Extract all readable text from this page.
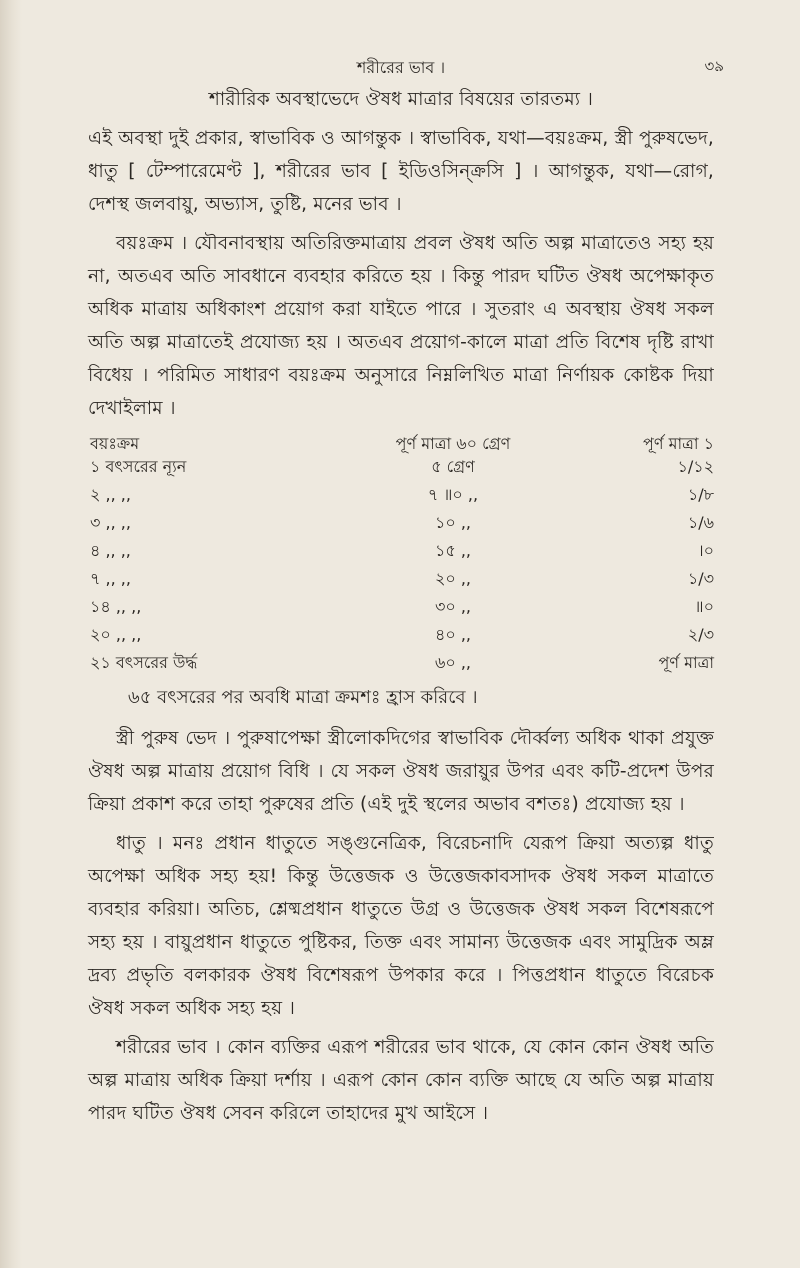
শরীরের ভাব ।	৩৯

শারীরিক অবস্থাভেদে ঔষধ মাত্রার বিষয়ের তারতম্য ।

এই অবস্থা দুই প্রকার, স্বাভাবিক ও আগন্তুক । স্বাভাবিক, যথা—বয়ঃক্রম, স্ত্রী পুরুষভেদ, ধাতু [ টেম্পারেমেণ্ট ], শরীরের ভাব [ ইডিওসিন্‌ক্রসি ] । আগন্তুক, যথা—রোগ, দেশস্থ জলবায়ু, অভ্যাস, তুষ্টি, মনের ভাব ।

বয়ঃক্রম । যৌবনাবস্থায় অতিরিক্তমাত্রায় প্রবল ঔষধ অতি অল্প মাত্রাতেও সহ্য হয় না, অতএব অতি সাবধানে ব্যবহার করিতে হয় । কিন্তু পারদ ঘটিত ঔষধ অপেক্ষাকৃত অধিক মাত্রায় অধিকাংশ প্রয়োগ করা যাইতে পারে । সুতরাং এ অবস্থায় ঔষধ সকল অতি অল্প মাত্রাতেই প্রযোজ্য হয় । অতএব প্রয়োগ-কালে মাত্রা প্রতি বিশেষ দৃষ্টি রাখা বিধেয় । পরিমিত সাধারণ বয়ঃক্রম অনুসারে নিম্নলিখিত মাত্রা নির্ণায়ক কোষ্টক দিয়া দেখাইলাম ।

বয়ঃক্রম	পূর্ণ মাত্রা ৬০ গ্রেণ	পূর্ণ মাত্রা ১
১ বৎসরের ন্যূন	৫ গ্রেণ	১/১২
২ ,, ,,	৭ ॥০ ,,	১/৮
৩ ,, ,,	১০ ,,	১/৬
৪ ,, ,,	১৫ ,,	।০
৭ ,, ,,	২০ ,,	১/৩
১৪ ,, ,,	৩০ ,,	॥০
২০ ,, ,,	৪০ ,,	২/৩
২১ বৎসরের উর্দ্ধ	৬০ ,,	পূর্ণ মাত্রা

৬৫ বৎসরের পর অবধি মাত্রা ক্রমশঃ হ্রাস করিবে ।

স্ত্রী পুরুষ ভেদ । পুরুষাপেক্ষা স্ত্রীলোকদিগের স্বাভাবিক দৌর্ব্বল্য অধিক থাকা প্রযুক্ত ঔষধ অল্প মাত্রায় প্রয়োগ বিধি । যে সকল ঔষধ জরায়ুর উপর এবং কটি-প্রদেশ উপর ক্রিয়া প্রকাশ করে তাহা পুরুষের প্রতি (এই দুই স্থলের অভাব বশতঃ) প্রযোজ্য হয় ।

ধাতু । মনঃ প্রধান ধাতুতে সঙ্গুনেত্রিক, বিরেচনাদি যেরূপ ক্রিয়া অত্যল্প ধাতু অপেক্ষা অধিক সহ্য হয়! কিন্তু উত্তেজক ও উত্তেজকাবসাদক ঔষধ সকল মাত্রাতে ব্যবহার করিয়া। অতিচ, শ্লেষ্মপ্রধান ধাতুতে উগ্র ও উত্তেজক ঔষধ সকল বিশেষরূপে সহ্য হয় । বায়ুপ্রধান ধাতুতে পুষ্টিকর, তিক্ত এবং সামান্য উত্তেজক এবং সামুদ্রিক অম্ল দ্রব্য প্রভৃতি বলকারক ঔষধ বিশেষরূপ উপকার করে । পিত্তপ্রধান ধাতুতে বিরেচক ঔষধ সকল অধিক সহ্য হয় ।

শরীরের ভাব । কোন ব্যক্তির এরূপ শরীরের ভাব থাকে, যে কোন কোন ঔষধ অতি অল্প মাত্রায় অধিক ক্রিয়া দর্শায় । এরূপ কোন কোন ব্যক্তি আছে যে অতি অল্প মাত্রায় পারদ ঘটিত ঔষধ সেবন করিলে তাহাদের মুখ আইসে ।
